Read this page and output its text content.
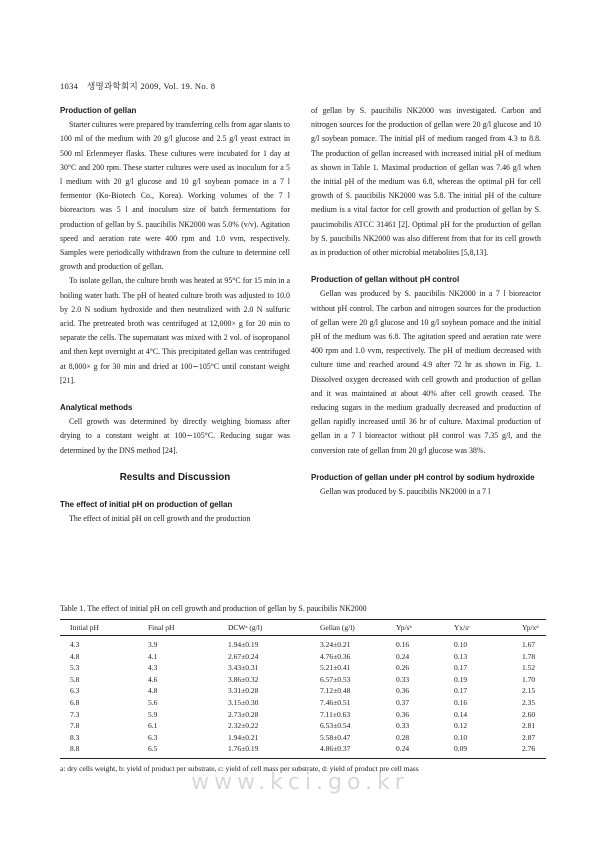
1034　생명과학회지 2009, Vol. 19. No. 8
Production of gellan

Starter cultures were prepared by transferring cells from agar slants to 100 ml of the medium with 20 g/l glucose and 2.5 g/l yeast extract in 500 ml Erlenmeyer flasks. These cultures were incubated for 1 day at 30°C and 200 rpm. These starter cultures were used as inoculum for a 5 l medium with 20 g/l glucose and 10 g/l soybean pomace in a 7 l fermentor (Ko-Biotech Co., Korea). Working volumes of the 7 l bioreactors was 5 l and inoculum size of batch fermentations for production of gellan by S. paucibilis NK2000 was 5.0% (v/v). Agitation speed and aeration rate were 400 rpm and 1.0 vvm, respectively. Samples were periodically withdrawn from the culture to determine cell growth and production of gellan.

To isolate gellan, the culture broth was heated at 95°C for 15 min in a boiling water bath. The pH of heated culture broth was adjusted to 10.0 by 2.0 N sodium hydroxide and then neutralized with 2.0 N sulfuric acid. The pretreated broth was centrifuged at 12,000× g for 20 min to separate the cells. The supernatant was mixed with 2 vol. of isopropanol and then kept overnight at 4°C. This precipitated gellan was centrifuged at 8,000× g for 30 min and dried at 100∼105°C until constant weight [21].

Analytical methods

Cell growth was determined by directly weighing biomass after drying to a constant weight at 100∼105°C. Reducing sugar was determined by the DNS method [24].

Results and Discussion
The effect of initial pH on production of gellan

The effect of initial pH on cell growth and the production

of gellan by S. paucibilis NK2000 was investigated. Carbon and nitrogen sources for the production of gellan were 20 g/l glucose and 10 g/l soybean pomace. The initial pH of medium ranged from 4.3 to 8.8. The production of gellan increased with increased initial pH of medium as shown in Table 1. Maximal production of gellan was 7.46 g/l when the initial pH of the medium was 6.8, whereas the optimal pH for cell growth of S. paucibilis NK2000 was 5.8. The initial pH of the culture medium is a vital factor for cell growth and production of gellan by S. paucimobilis ATCC 31461 [2]. Optimal pH for the production of gellan by S. paucibilis NK2000 was also different from that for its cell growth as in production of other microbial metabolites [5,8,13].

Production of gellan without pH control

Gellan was produced by S. paucibilis NK2000 in a 7 l bioreactor without pH control. The carbon and nitrogen sources for the production of gellan were 20 g/l glucose and 10 g/l soybean pomace and the initial pH of the medium was 6.8. The agitation speed and aeration rate were 400 rpm and 1.0 vvm, respectively. The pH of medium decreased with culture time and reached around 4.9 after 72 hr as shown in Fig. 1. Dissolved oxygen decreased with cell growth and production of gellan and it was maintained at about 40% after cell growth ceased. The reducing sugars in the medium gradually decreased and production of gellan rapidly increased until 36 hr of culture. Maximal production of gellan in a 7 l bioreactor without pH control was 7.35 g/l, and the conversion rate of gellan from 20 g/l glucose was 38%.

Production of gellan under pH control by sodium hydroxide

Gellan was produced by S. paucibilis NK2000 in a 7 l

Table 1. The effect of initial pH on cell growth and production of gellan by S. paucibilis NK2000

Initial pH	Final pH	DCWᵃ (g/l)	Gellan (g/l)	Yp/sᵇ	Yx/sᶜ	Yp/xᵈ
4.3	3.9	1.94±0.19	3.24±0.21	0.16	0.10	1.67
4.8	4.1	2.67±0.24	4.76±0.36	0.24	0.13	1.78
5.3	4.3	3.43±0.31	5.21±0.41	0.26	0.17	1.52
5.8	4.6	3.86±0.32	6.57±0.53	0.33	0.19	1.70
6.3	4.8	3.31±0.28	7.12±0.48	0.36	0.17	2.15
6.8	5.6	3.15±0.30	7.46±0.51	0.37	0.16	2.35
7.3	5.9	2.73±0.28	7.11±0.63	0.36	0.14	2.60
7.8	6.1	2.32±0.22	6.53±0.54	0.33	0.12	2.81
8.3	6.3	1.94±0.21	5.58±0.47	0.28	0.10	2.87
8.8	6.5	1.76±0.19	4.86±0.37	0.24	0.09	2.76

a: dry cells weight, b: yield of product per substrate, c: yield of cell mass per substrate, d: yield of product pre cell mass

www.kci.go.kr
